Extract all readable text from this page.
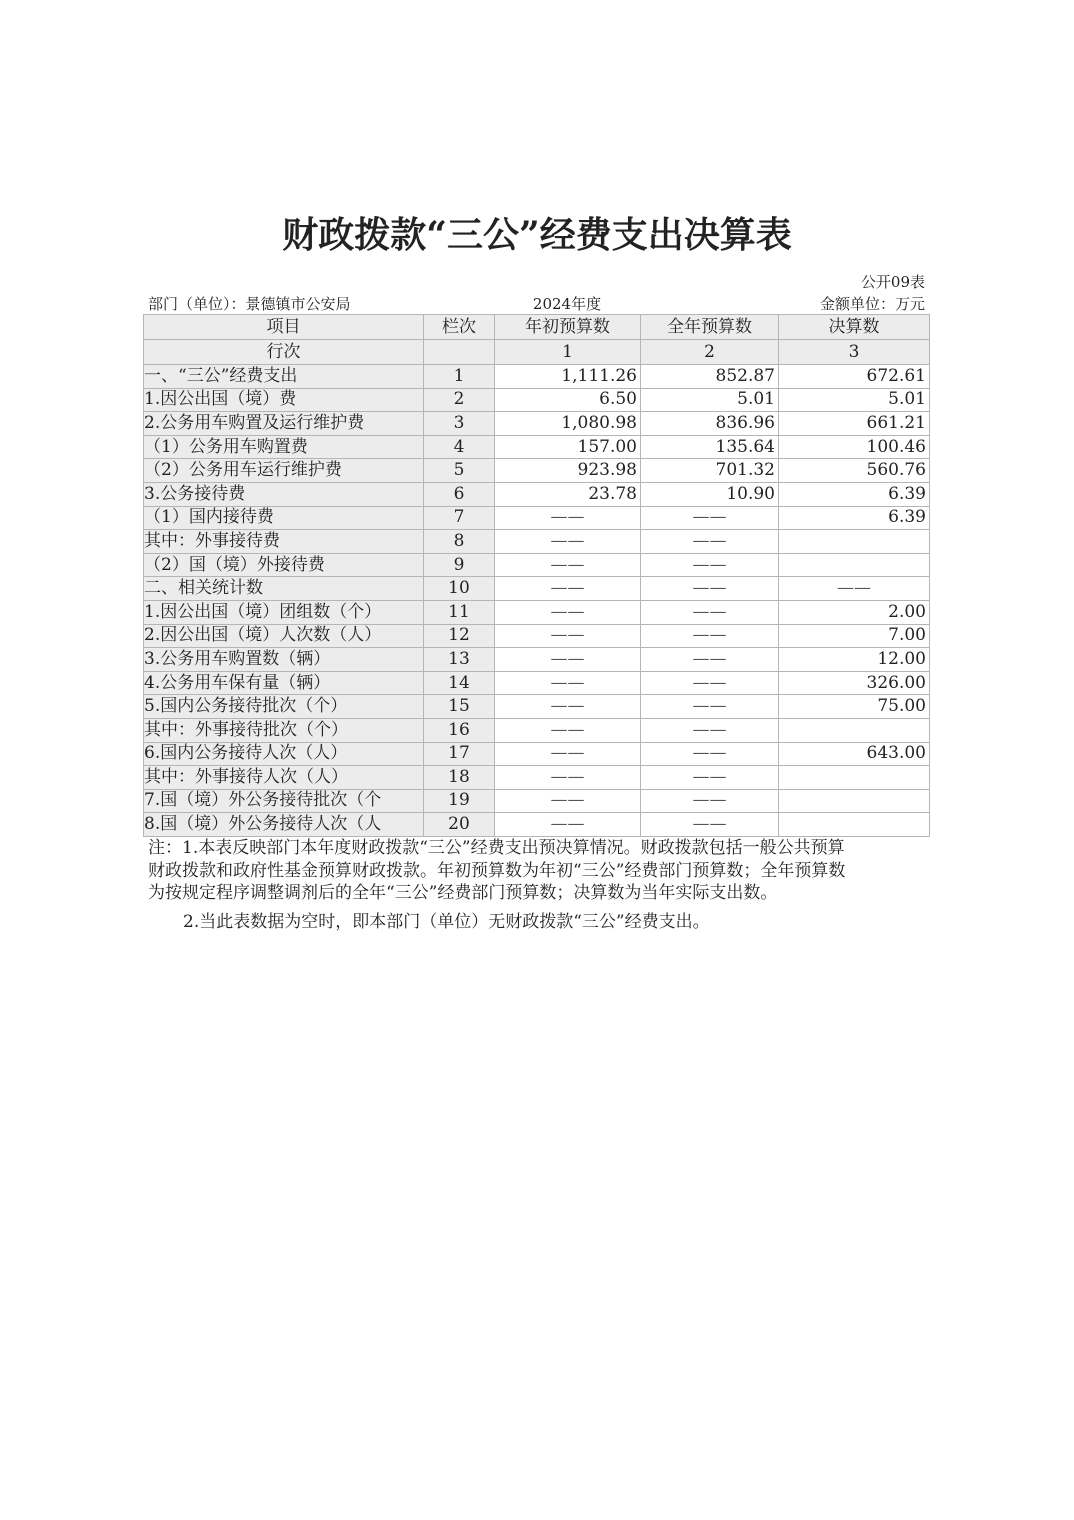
财政拨款“三公”经费支出决算表
公开09表
部门（单位）：景德镇市公安局	2024年度	金额单位：万元
项目	栏次	年初预算数	全年预算数	决算数
行次		1	2	3
一、“三公”经费支出	1	1,111.26	852.87	672.61
1.因公出国（境）费	2	6.50	5.01	5.01
2.公务用车购置及运行维护费	3	1,080.98	836.96	661.21
（1）公务用车购置费	4	157.00	135.64	100.46
（2）公务用车运行维护费	5	923.98	701.32	560.76
3.公务接待费	6	23.78	10.90	6.39
（1）国内接待费	7	——	——	6.39
其中：外事接待费	8	——	——	
（2）国（境）外接待费	9	——	——	
二、相关统计数	10	——	——	——
1.因公出国（境）团组数（个）	11	——	——	2.00
2.因公出国（境）人次数（人）	12	——	——	7.00
3.公务用车购置数（辆）	13	——	——	12.00
4.公务用车保有量（辆）	14	——	——	326.00
5.国内公务接待批次（个）	15	——	——	75.00
其中：外事接待批次（个）	16	——	——	
6.国内公务接待人次（人）	17	——	——	643.00
其中：外事接待人次（人）	18	——	——	
7.国（境）外公务接待批次（个	19	——	——	
8.国（境）外公务接待人次（人	20	——	——	
注：1.本表反映部门本年度财政拨款“三公”经费支出预决算情况。财政拨款包括一般公共预算
财政拨款和政府性基金预算财政拨款。年初预算数为年初“三公”经费部门预算数；全年预算数
为按规定程序调整调剂后的全年“三公”经费部门预算数；决算数为当年实际支出数。
2.当此表数据为空时，即本部门（单位）无财政拨款“三公”经费支出。
